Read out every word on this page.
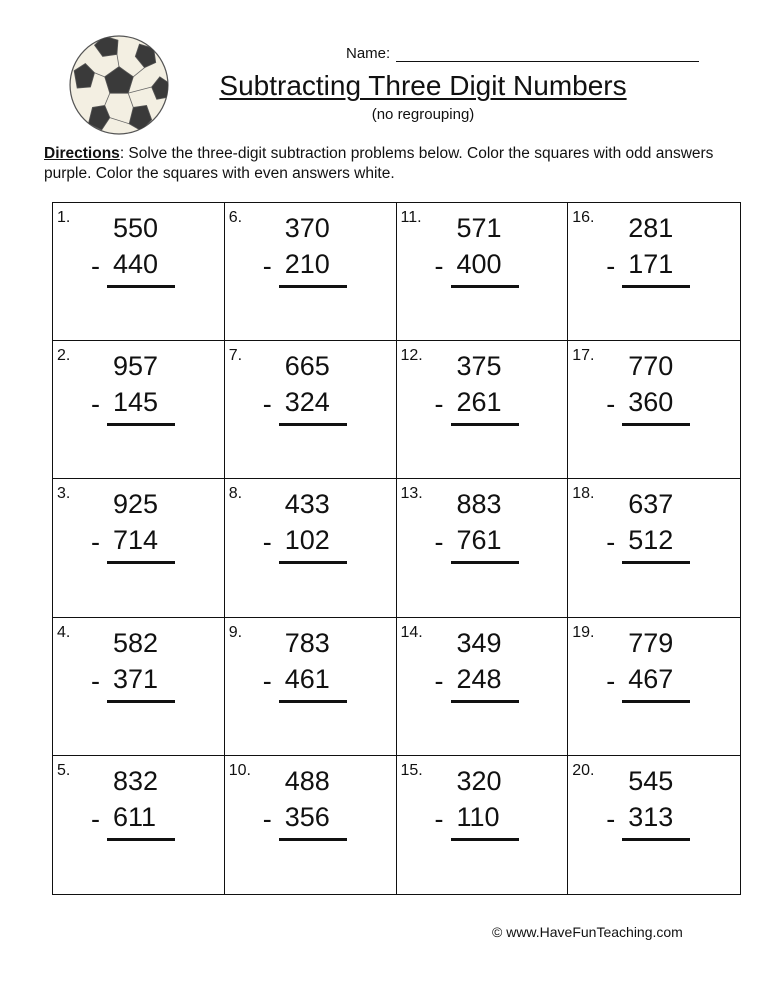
Name:
Subtracting Three Digit Numbers
(no regrouping)
Directions: Solve the three-digit subtraction problems below. Color the squares with odd answers purple. Color the squares with even answers white.
1. 550
- 440
6. 370
- 210
11. 571
- 400
16. 281
- 171
2. 957
- 145
7. 665
- 324
12. 375
- 261
17. 770
- 360
3. 925
- 714
8. 433
- 102
13. 883
- 761
18. 637
- 512
4. 582
- 371
9. 783
- 461
14. 349
- 248
19. 779
- 467
5. 832
- 611
10. 488
- 356
15. 320
- 110
20. 545
- 313
© www.HaveFunTeaching.com
